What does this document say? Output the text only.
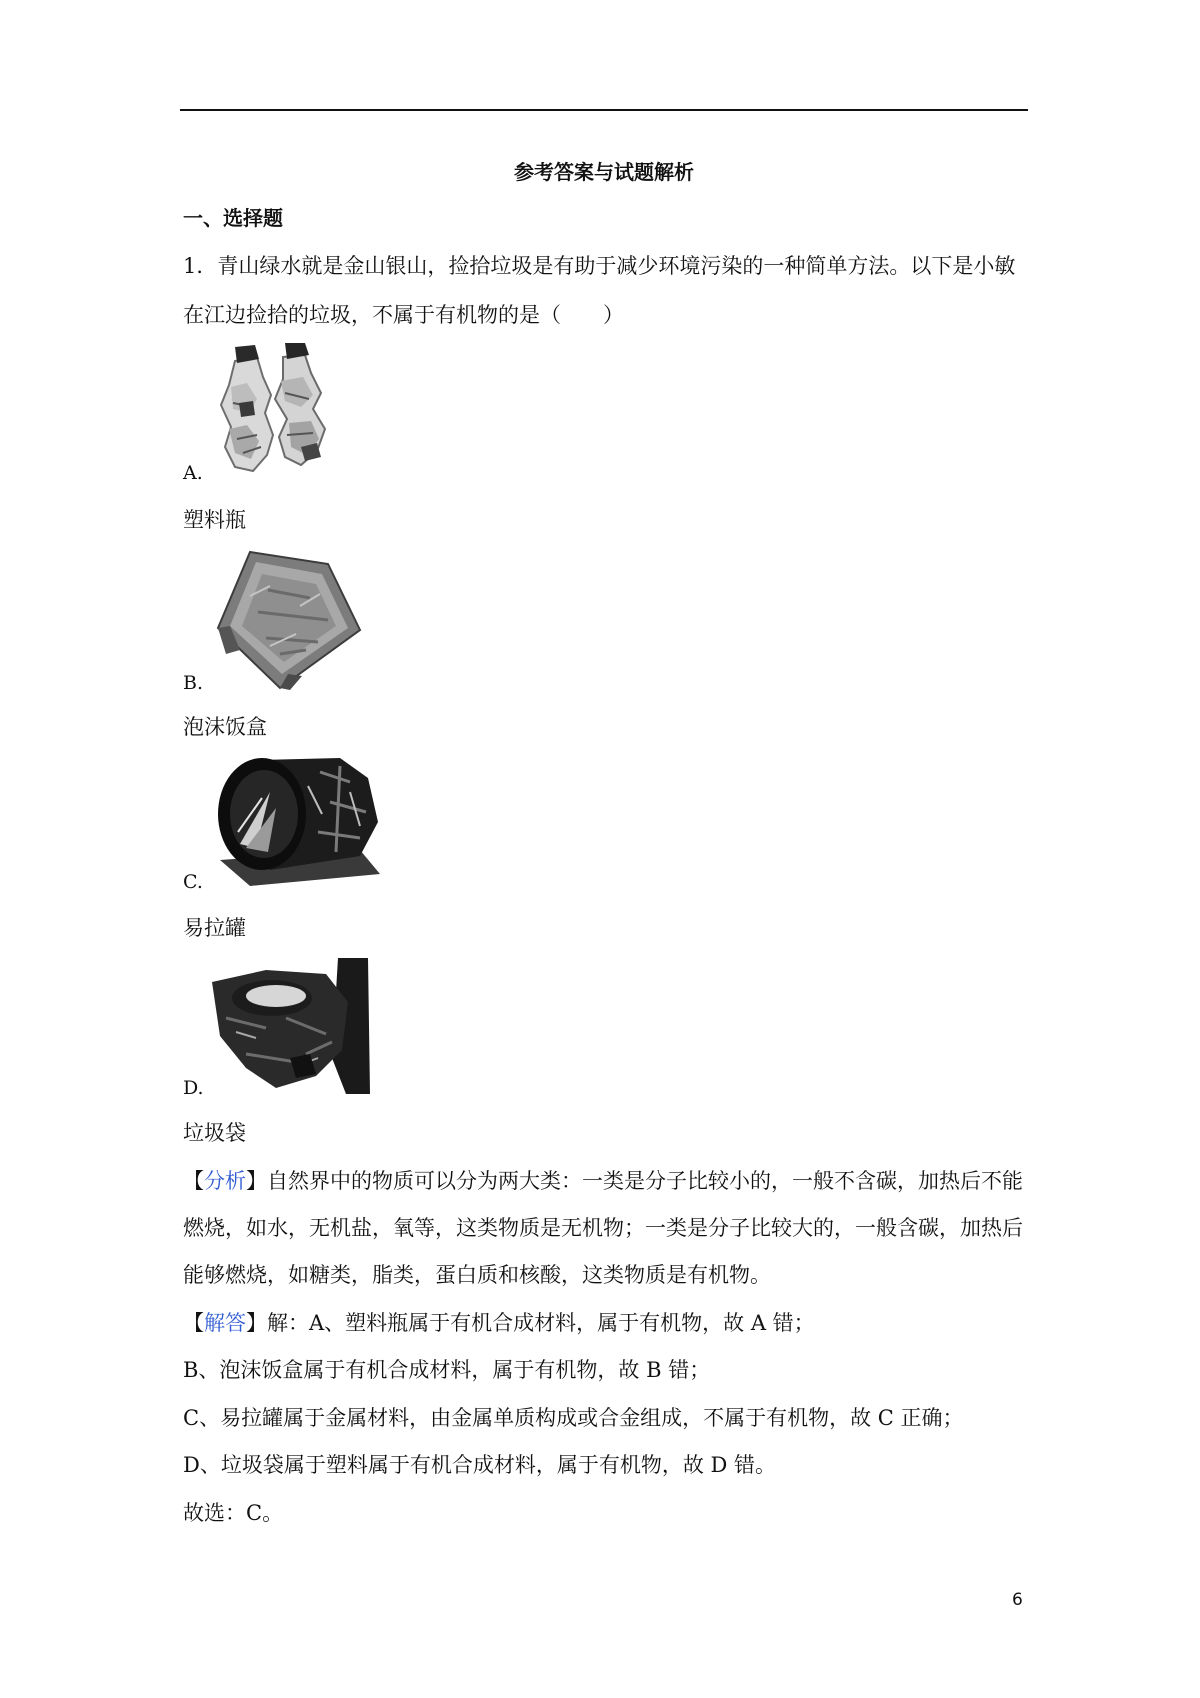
参考答案与试题解析
一、选择题
1．青山绿水就是金山银山，捡拾垃圾是有助于减少环境污染的一种简单方法。以下是小敏
在江边捡拾的垃圾，不属于有机物的是（　　）
A.
塑料瓶
B.
泡沫饭盒
C.
易拉罐
D.
垃圾袋
【分析】自然界中的物质可以分为两大类：一类是分子比较小的，一般不含碳，加热后不能
燃烧，如水，无机盐，氧等，这类物质是无机物；一类是分子比较大的，一般含碳，加热后
能够燃烧，如糖类，脂类，蛋白质和核酸，这类物质是有机物。
【解答】解：A、塑料瓶属于有机合成材料，属于有机物，故 A 错；
B、泡沫饭盒属于有机合成材料，属于有机物，故 B 错；
C、易拉罐属于金属材料，由金属单质构成或合金组成，不属于有机物，故 C 正确；
D、垃圾袋属于塑料属于有机合成材料，属于有机物，故 D 错。
故选：C。
6
